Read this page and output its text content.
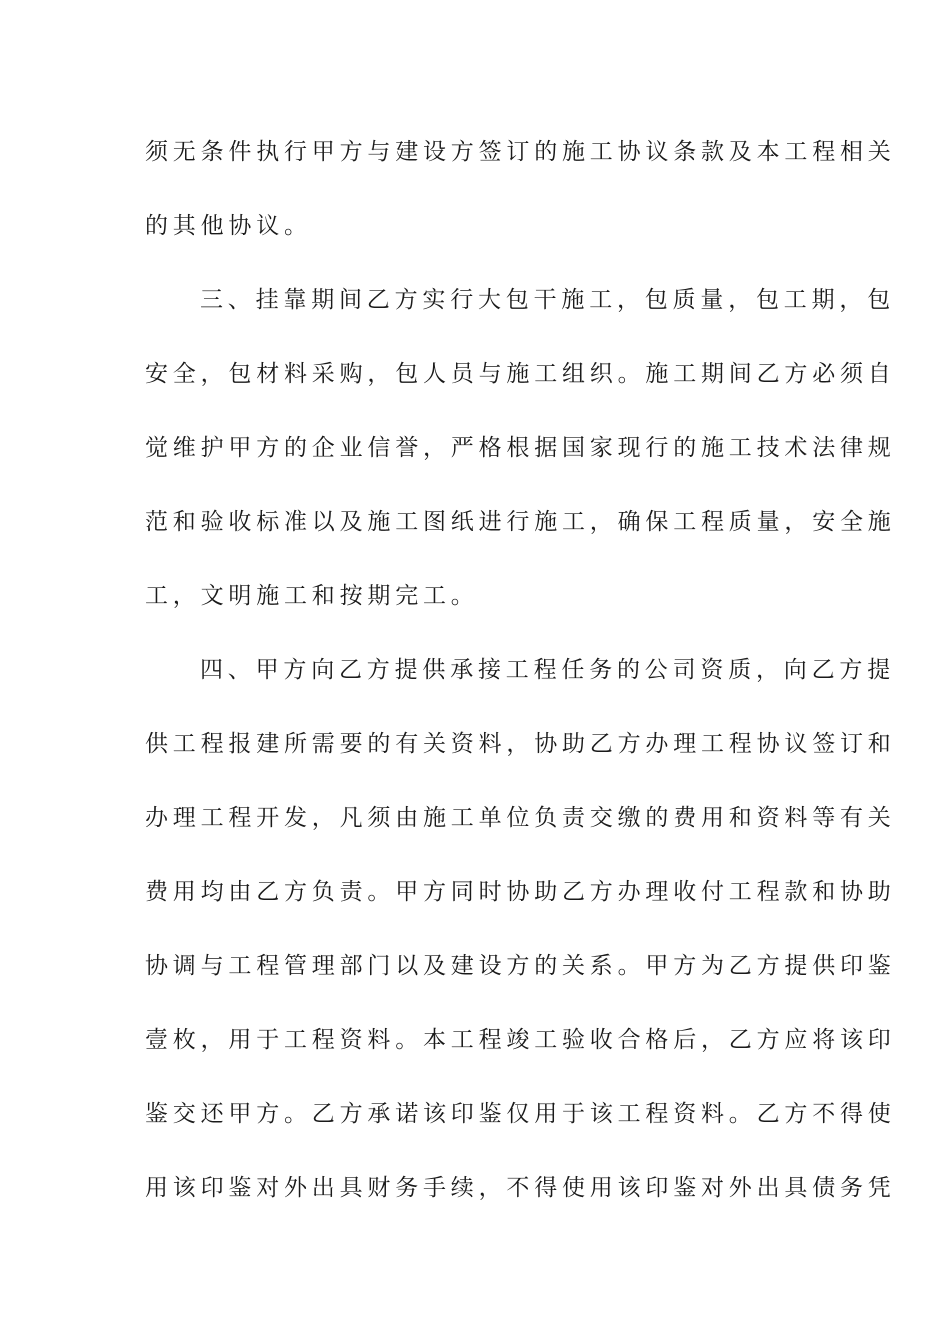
须无条件执行甲方与建设方签订的施工协议条款及本工程相关
的其他协议。
三、挂靠期间乙方实行大包干施工，包质量，包工期，包
安全，包材料采购，包人员与施工组织。施工期间乙方必须自
觉维护甲方的企业信誉，严格根据国家现行的施工技术法律规
范和验收标准以及施工图纸进行施工，确保工程质量，安全施
工，文明施工和按期完工。
四、甲方向乙方提供承接工程任务的公司资质，向乙方提
供工程报建所需要的有关资料，协助乙方办理工程协议签订和
办理工程开发，凡须由施工单位负责交缴的费用和资料等有关
费用均由乙方负责。甲方同时协助乙方办理收付工程款和协助
协调与工程管理部门以及建设方的关系。甲方为乙方提供印鉴
壹枚，用于工程资料。本工程竣工验收合格后，乙方应将该印
鉴交还甲方。乙方承诺该印鉴仅用于该工程资料。乙方不得使
用该印鉴对外出具财务手续，不得使用该印鉴对外出具债务凭
